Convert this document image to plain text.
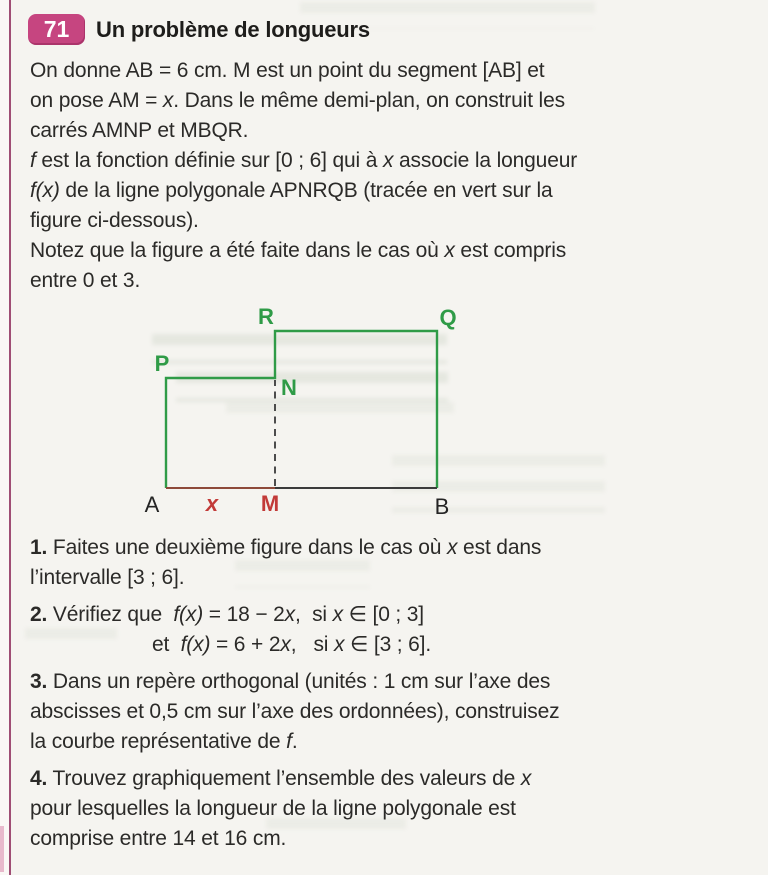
71	Un problème de longueurs
On donne AB = 6 cm. M est un point du segment [AB] et
on pose AM = x. Dans le même demi-plan, on construit les
carrés AMNP et MBQR.
f est la fonction définie sur [0 ; 6] qui à x associe la longueur
f(x) de la ligne polygonale APNRQB (tracée en vert sur la
figure ci-dessous).
Notez que la figure a été faite dans le cas où x est compris
entre 0 et 3.
A x M	B
P
N
R	Q
1. Faites une deuxième figure dans le cas où x est dans
l’intervalle [3 ; 6].
2. Vérifiez que  f(x) = 18 − 2x,  si x ∈ [0 ; 3]
et  f(x) = 6 + 2x,   si x ∈ [3 ; 6].
3. Dans un repère orthogonal (unités : 1 cm sur l’axe des
abscisses et 0,5 cm sur l’axe des ordonnées), construisez
la courbe représentative de f.
4. Trouvez graphiquement l’ensemble des valeurs de x
pour lesquelles la longueur de la ligne polygonale est
comprise entre 14 et 16 cm.
